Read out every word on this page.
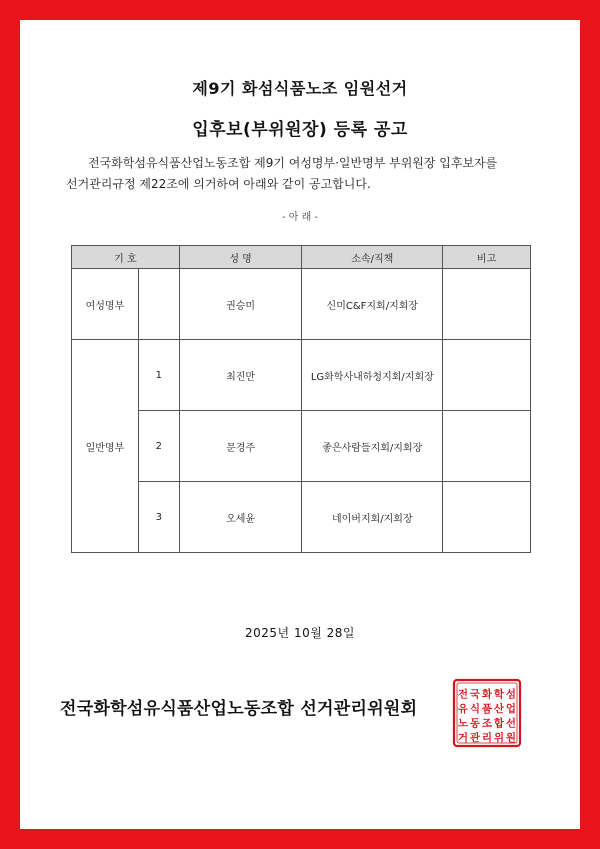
제9기 화섬식품노조 임원선거
입후보(부위원장) 등록 공고

전국화학섬유식품산업노동조합 제9기 여성명부·일반명부 부위원장 입후보자를

선거관리규정 제22조에 의거하여 아래와 같이 공고합니다.

- 아 래 -
기 호		성 명	소속/직책	비고
여성명부		권승미	신미C&F지회/지회장	
일반명부	1	최진만	LG화학사내하청지회/지회장	
	2	문경주	좋은사람들지회/지회장	
	3	오세윤	네이버지회/지회장	
2025년 10월 28일
전국화학섬유식품산업노동조합 선거관리위원회
전 국 화 학 섬
유 식 품 산 업
노 동 조 합 선
거 관 리 위 원
